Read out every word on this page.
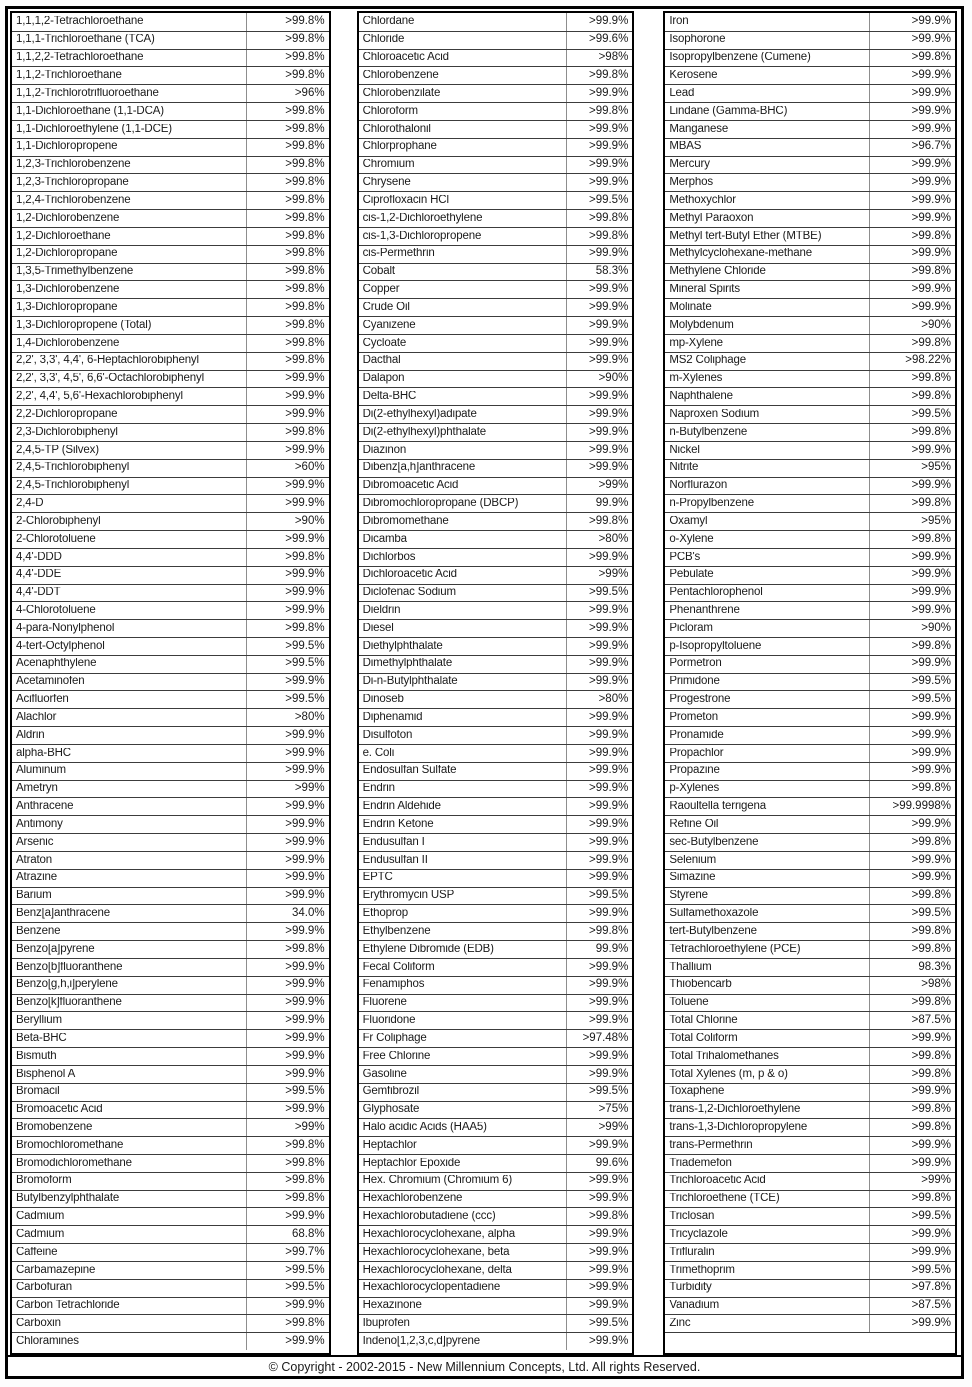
1,1,1,2-Tetrachloroethane	>99.8%
1,1,1-Trichloroethane (TCA)	>99.8%
1,1,2,2-Tetrachloroethane	>99.8%
1,1,2-Trichloroethane	>99.8%
1,1,2-Trichlorotrifluoroethane	>96%
1,1-Dichloroethane (1,1-DCA)	>99.8%
1,1-Dichloroethylene (1,1-DCE)	>99.8%
1,1-Dichloropropene	>99.8%
1,2,3-Trichlorobenzene	>99.8%
1,2,3-Trichloropropane	>99.8%
1,2,4-Trichlorobenzene	>99.8%
1,2-Dichlorobenzene	>99.8%
1,2-Dichloroethane	>99.8%
1,2-Dichloropropane	>99.8%
1,3,5-Trimethylbenzene	>99.8%
1,3-Dichlorobenzene	>99.8%
1,3-Dichloropropane	>99.8%
1,3-Dichloropropene (Total)	>99.8%
1,4-Dichlorobenzene	>99.8%
2,2', 3,3', 4,4', 6-Heptachlorobiphenyl	>99.8%
2,2', 3,3', 4,5', 6,6'-Octachlorobiphenyl	>99.9%
2,2', 4,4', 5,6'-Hexachlorobiphenyl	>99.9%
2,2-Dichloropropane	>99.9%
2,3-Dichlorobiphenyl	>99.8%
2,4,5-TP (Silvex)	>99.9%
2,4,5-Trichlorobiphenyl	>60%
2,4,5-Trichlorobiphenyl	>99.9%
2,4-D	>99.9%
2-Chlorobiphenyl	>90%
2-Chlorotoluene	>99.9%
4,4'-DDD	>99.8%
4,4'-DDE	>99.9%
4,4'-DDT	>99.9%
4-Chlorotoluene	>99.9%
4-para-Nonylphenol	>99.8%
4-tert-Octylphenol	>99.5%
Acenaphthylene	>99.5%
Acetaminofen	>99.9%
Acifluorfen	>99.5%
Alachlor	>80%
Aldrin	>99.9%
alpha-BHC	>99.9%
Aluminum	>99.9%
Ametryn	>99%
Anthracene	>99.9%
Antimony	>99.9%
Arsenic	>99.9%
Atraton	>99.9%
Atrazine	>99.9%
Barium	>99.9%
Benz[a]anthracene	34.0%
Benzene	>99.9%
Benzo[a]pyrene	>99.8%
Benzo[b]fluoranthene	>99.9%
Benzo[g,h,i]perylene	>99.9%
Benzo[k]fluoranthene	>99.9%
Beryllium	>99.9%
Beta-BHC	>99.9%
Bismuth	>99.9%
Bisphenol A	>99.9%
Bromacil	>99.5%
Bromoacetic Acid	>99.9%
Bromobenzene	>99%
Bromochloromethane	>99.8%
Bromodichloromethane	>99.8%
Bromoform	>99.8%
Butylbenzylphthalate	>99.8%
Cadmium	>99.9%
Cadmium	68.8%
Caffeine	>99.7%
Carbamazepine	>99.5%
Carbofuran	>99.5%
Carbon Tetrachloride	>99.9%
Carboxin	>99.8%
Chloramines	>99.9%
Chlordane	>99.9%
Chloride	>99.6%
Chloroacetic Acid	>98%
Chlorobenzene	>99.8%
Chlorobenzilate	>99.9%
Chloroform	>99.8%
Chlorothalonil	>99.9%
Chlorprophane	>99.9%
Chromium	>99.9%
Chrysene	>99.9%
Ciprofloxacin HCl	>99.5%
cis-1,2-Dichloroethylene	>99.8%
cis-1,3-Dichloropropene	>99.8%
cis-Permethrin	>99.9%
Cobalt	58.3%
Copper	>99.9%
Crude Oil	>99.9%
Cyanizene	>99.9%
Cycloate	>99.9%
Dacthal	>99.9%
Dalapon	>90%
Delta-BHC	>99.9%
Di(2-ethylhexyl)adipate	>99.9%
Di(2-ethylhexyl)phthalate	>99.9%
Diazinon	>99.9%
Dibenz[a,h]anthracene	>99.9%
Dibromoacetic Acid	>99%
Dibromochloropropane (DBCP)	99.9%
Dibromomethane	>99.8%
Dicamba	>80%
Dichlorbos	>99.9%
Dichloroacetic Acid	>99%
Diclofenac Sodium	>99.5%
Dieldrin	>99.9%
Diesel	>99.9%
Diethylphthalate	>99.9%
Dimethylphthalate	>99.9%
Di-n-Butylphthalate	>99.9%
Dinoseb	>80%
Diphenamid	>99.9%
Disulfoton	>99.9%
e. Coli	>99.9%
Endosulfan Sulfate	>99.9%
Endrin	>99.9%
Endrin Aldehide	>99.9%
Endrin Ketone	>99.9%
Endusulfan I	>99.9%
Endusulfan II	>99.9%
EPTC	>99.9%
Erythromycin USP	>99.5%
Ethoprop	>99.9%
Ethylbenzene	>99.8%
Ethylene Dibromide (EDB)	99.9%
Fecal Coliform	>99.9%
Fenamiphos	>99.9%
Fluorene	>99.9%
Fluoridone	>99.9%
Fr Coliphage	>97.48%
Free Chlorine	>99.9%
Gasoline	>99.9%
Gemfibrozil	>99.5%
Glyphosate	>75%
Halo acidic Acids (HAA5)	>99%
Heptachlor	>99.9%
Heptachlor Epoxide	99.6%
Hex. Chromium (Chromium 6)	>99.9%
Hexachlorobenzene	>99.9%
Hexachlorobutadiene (ccc)	>99.8%
Hexachlorocyclohexane, alpha	>99.9%
Hexachlorocyclohexane, beta	>99.9%
Hexachlorocyclohexane, delta	>99.9%
Hexachlorocyclopentadiene	>99.9%
Hexazinone	>99.9%
Ibuprofen	>99.5%
Indeno[1,2,3,c,d]pyrene	>99.9%
Iron	>99.9%
Isophorone	>99.9%
Isopropylbenzene (Cumene)	>99.8%
Kerosene	>99.9%
Lead	>99.9%
Lindane (Gamma-BHC)	>99.9%
Manganese	>99.9%
MBAS	>96.7%
Mercury	>99.9%
Merphos	>99.9%
Methoxychlor	>99.9%
Methyl Paraoxon	>99.9%
Methyl tert-Butyl Ether (MTBE)	>99.8%
Methylcyclohexane-methane	>99.9%
Methylene Chloride	>99.8%
Mineral Spirits	>99.9%
Molinate	>99.9%
Molybdenum	>90%
mp-Xylene	>99.8%
MS2 Coliphage	>98.22%
m-Xylenes	>99.8%
Naphthalene	>99.8%
Naproxen Sodium	>99.5%
n-Butylbenzene	>99.8%
Nickel	>99.9%
Nitrite	>95%
Norflurazon	>99.9%
n-Propylbenzene	>99.8%
Oxamyl	>95%
o-Xylene	>99.8%
PCB's	>99.9%
Pebulate	>99.9%
Pentachlorophenol	>99.9%
Phenanthrene	>99.9%
Picloram	>90%
p-Isopropyltoluene	>99.8%
Pormetron	>99.9%
Primidone	>99.5%
Progestrone	>99.5%
Prometon	>99.9%
Pronamide	>99.9%
Propachlor	>99.9%
Propazine	>99.9%
p-Xylenes	>99.8%
Raoultella terrigena	>99.9998%
Refine Oil	>99.9%
sec-Butylbenzene	>99.8%
Selenium	>99.9%
Simazine	>99.9%
Styrene	>99.8%
Sulfamethoxazole	>99.5%
tert-Butylbenzene	>99.8%
Tetrachloroethylene (PCE)	>99.8%
Thallium	98.3%
Thiobencarb	>98%
Toluene	>99.8%
Total Chlorine	>87.5%
Total Coliform	>99.9%
Total Trihalomethanes	>99.8%
Total Xylenes (m, p & o)	>99.8%
Toxaphene	>99.9%
trans-1,2-Dichloroethylene	>99.8%
trans-1,3-Dichloropropylene	>99.8%
trans-Permethrin	>99.9%
Triademefon	>99.9%
Trichloroacetic Acid	>99%
Trichloroethene (TCE)	>99.8%
Triclosan	>99.5%
Tricyclazole	>99.9%
Trifluralin	>99.9%
Trimethoprim	>99.5%
Turbidity	>97.8%
Vanadium	>87.5%
Zinc	>99.9%
© Copyright - 2002-2015 - New Millennium Concepts, Ltd. All rights Reserved.
